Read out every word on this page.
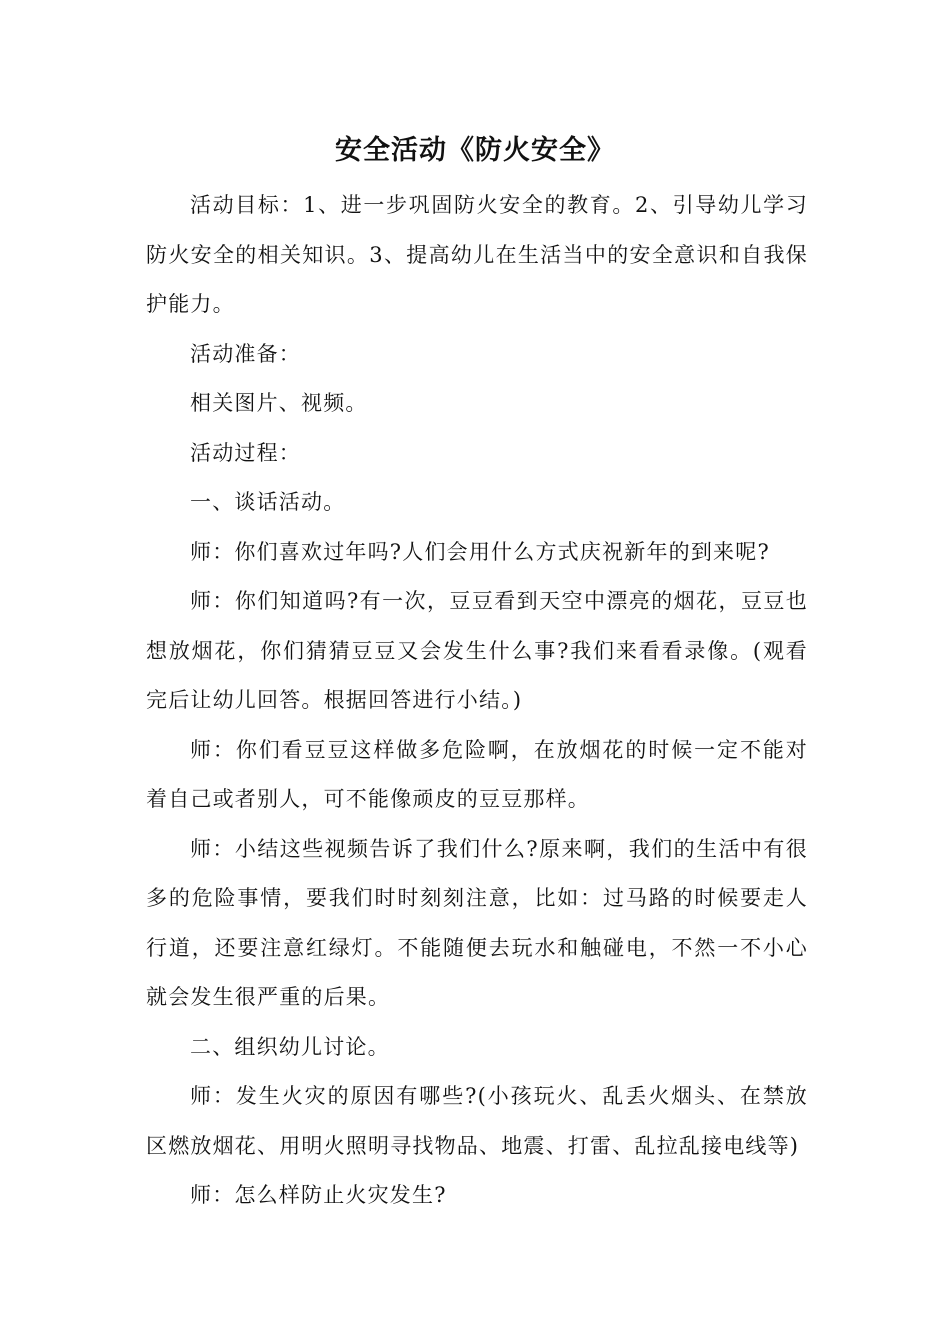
安全活动《防火安全》

活动目标：1、进一步巩固防火安全的教育。2、引导幼儿学习防火安全的相关知识。3、提高幼儿在生活当中的安全意识和自我保护能力。

活动准备：

相关图片、视频。

活动过程：

一、谈话活动。

师：你们喜欢过年吗?人们会用什么方式庆祝新年的到来呢?

师：你们知道吗?有一次，豆豆看到天空中漂亮的烟花，豆豆也想放烟花，你们猜猜豆豆又会发生什么事?我们来看看录像。(观看完后让幼儿回答。根据回答进行小结。)

师：你们看豆豆这样做多危险啊，在放烟花的时候一定不能对着自己或者别人，可不能像顽皮的豆豆那样。

师：小结这些视频告诉了我们什么?原来啊，我们的生活中有很多的危险事情，要我们时时刻刻注意，比如：过马路的时候要走人行道，还要注意红绿灯。不能随便去玩水和触碰电，不然一不小心就会发生很严重的后果。

二、组织幼儿讨论。

师：发生火灾的原因有哪些?(小孩玩火、乱丢火烟头、在禁放区燃放烟花、用明火照明寻找物品、地震、打雷、乱拉乱接电线等)

师：怎么样防止火灾发生?
